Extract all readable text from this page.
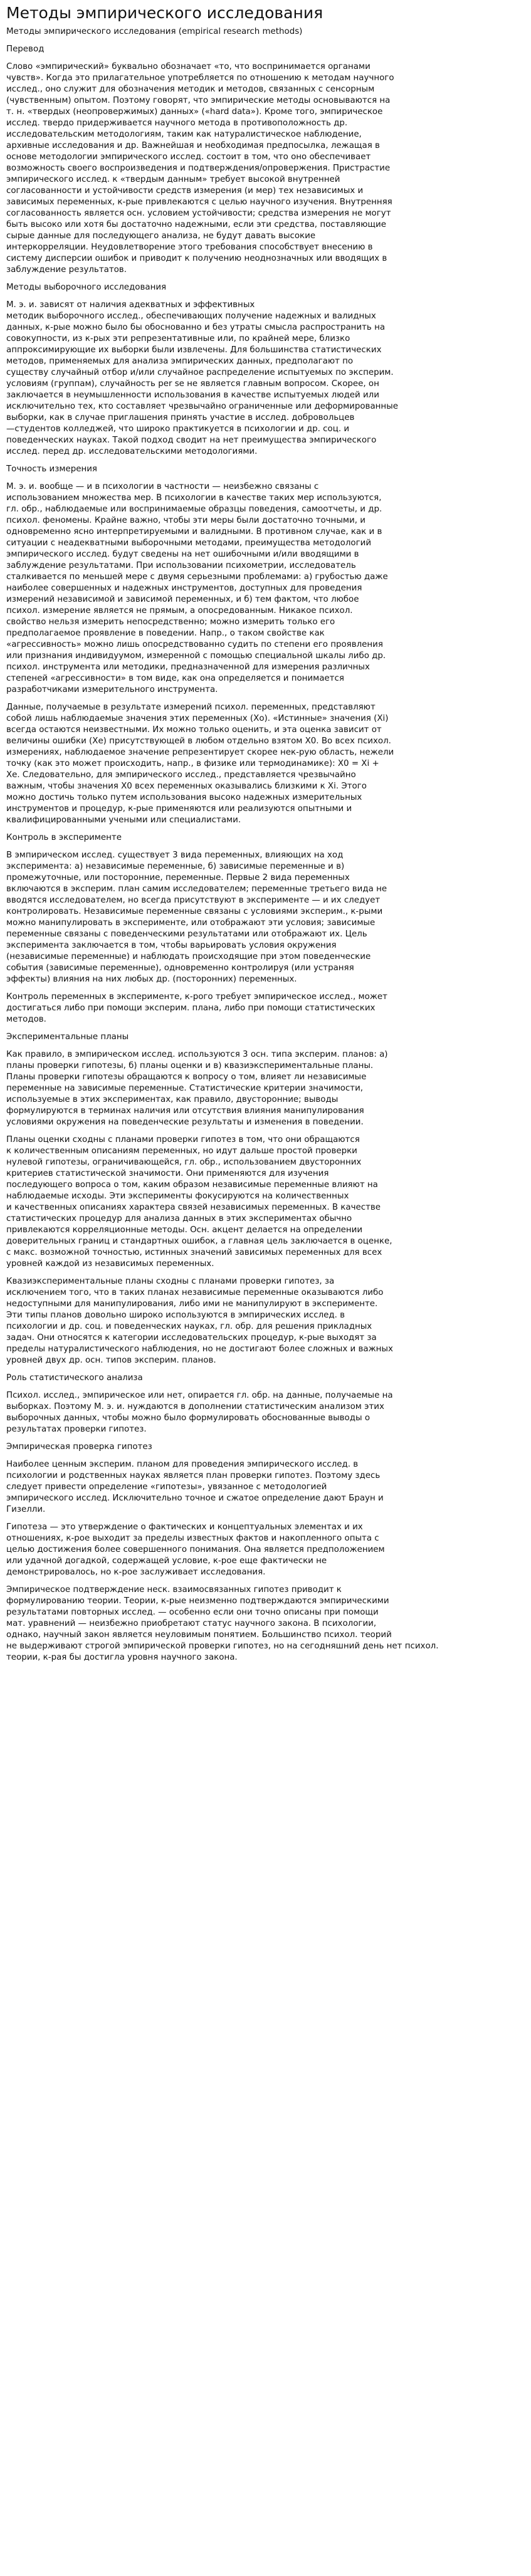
Методы эмпирического исследования
Методы эмпирического исследования (empirical research methods)
Перевод
Слово «эмпирический» буквально обозначает «то, что воспринимается органами
чувств». Когда это прилагательное употребляется по отношению к методам научного
исслед., оно служит для обозначения методик и методов, связанных с сенсорным
(чувственным) опытом. Поэтому говорят, что эмпирические методы основываются на
т. н. «твердых (неопровержимых) данных» («hard data»). Кроме того, эмпирическое
исслед. твердо придерживается научного метода в противоположность др.
исследовательским методологиям, таким как натуралистическое наблюдение,
архивные исследования и др. Важнейшая и необходимая предпосылка, лежащая в
основе методологии эмпирического исслед. состоит в том, что оно обеспечивает
возможность своего воспроизведения и подтверждения/опровержения. Пристрастие
эмпирического исслед. к «твердым данным» требует высокой внутренней
согласованности и устойчивости средств измерения (и мер) тех независимых и
зависимых переменных, к-рые привлекаются с целью научного изучения. Внутренняя
согласованность является осн. условием устойчивости; средства измерения не могут
быть высоко или хотя бы достаточно надежными, если эти средства, поставляющие
сырые данные для последующего анализа, не будут давать высокие
интеркорреляции. Неудовлетворение этого требования способствует внесению в
систему дисперсии ошибок и приводит к получению неоднозначных или вводящих в
заблуждение результатов.
Методы выборочного исследования
М. э. и. зависят от наличия адекватных и эффективных
методик выборочного исслед., обеспечивающих получение надежных и валидных
данных, к-рые можно было бы обоснованно и без утраты смысла распространить на
совокупности, из к-рых эти репрезентативные или, по крайней мере, близко
аппроксимирующие их выборки были извлечены. Для большинства статистических
методов, применяемых для анализа эмпирических данных, предполагают по
существу случайный отбор и/или случайное распределение испытуемых по эксперим.
условиям (группам), случайность per se не является главным вопросом. Скорее, он
заключается в неумышленности использования в качестве испытуемых людей или
исключительно тех, кто составляет чрезвычайно ограниченные или деформированные
выборки, как в случае приглашения принять участие в исслед. добровольцев
—студентов колледжей, что широко практикуется в психологии и др. соц. и
поведенческих науках. Такой подход сводит на нет преимущества эмпирического
исслед. перед др. исследовательскими методологиями.
Точность измерения
М. э. и. вообще — и в психологии в частности — неизбежно связаны с
использованием множества мер. В психологии в качестве таких мер используются,
гл. обр., наблюдаемые или воспринимаемые образцы поведения, самоотчеты, и др.
психол. феномены. Крайне важно, чтобы эти меры были достаточно точными, и
одновременно ясно интерпретируемыми и валидными. В противном случае, как и в
ситуации с неадекватными выборочными методами, преимущества методологий
эмпирического исслед. будут сведены на нет ошибочными и/или вводящими в
заблуждение результатами. При использовании психометрии, исследователь
сталкивается по меньшей мере с двумя серьезными проблемами: а) грубостью даже
наиболее совершенных и надежных инструментов, доступных для проведения
измерений независимой и зависимой переменных, и б) тем фактом, что любое
психол. измерение является не прямым, а опосредованным. Никакое психол.
свойство нельзя измерить непосредственно; можно измерить только его
предполагаемое проявление в поведении. Напр., о таком свойстве как
«агрессивность» можно лишь опосредствованно судить по степени его проявления
или признания индивидуумом, измеренной с помощью специальной шкалы либо др.
психол. инструмента или методики, предназначенной для измерения различных
степеней «агрессивности» в том виде, как она определяется и понимается
разработчиками измерительного инструмента.
Данные, получаемые в результате измерений психол. переменных, представляют
собой лишь наблюдаемые значения этих переменных (Хо). «Истинные» значения (Хi)
всегда остаются неизвестными. Их можно только оценить, и эта оценка зависит от
величины ошибки (Хе) присутствующей в любом отдельно взятом Х0. Во всех психол.
измерениях, наблюдаемое значение репрезентирует скорее нек-рую область, нежели
точку (как это может происходить, напр., в физике или термодинамике): Х0 = Хi +
Хе. Следовательно, для эмпирического исслед., представляется чрезвычайно
важным, чтобы значения Х0 всех переменных оказывались близкими к Хi. Этого
можно достичь только путем использования высоко надежных измерительных
инструментов и процедур, к-рые применяются или реализуются опытными и
квалифицированными учеными или специалистами.
Контроль в эксперименте
В эмпирическом исслед. существует 3 вида переменных, влияющих на ход
эксперимента: а) независимые переменные, б) зависимые переменные и в)
промежуточные, или посторонние, переменные. Первые 2 вида переменных
включаются в эксперим. план самим исследователем; переменные третьего вида не
вводятся исследователем, но всегда присутствуют в эксперименте — и их следует
контролировать. Независимые переменные связаны с условиями эксперим., к-рыми
можно манипулировать в эксперименте, или отображают эти условия; зависимые
переменные связаны с поведенческими результатами или отображают их. Цель
эксперимента заключается в том, чтобы варьировать условия окружения
(независимые переменные) и наблюдать происходящие при этом поведенческие
события (зависимые переменные), одновременно контролируя (или устраняя
эффекты) влияния на них любых др. (посторонних) переменных.
Контроль переменных в эксперименте, к-рого требует эмпирическое исслед., может
достигаться либо при помощи эксперим. плана, либо при помощи статистических
методов.
Экспериментальные планы
Как правило, в эмпирическом исслед. используются 3 осн. типа эксперим. планов: а)
планы проверки гипотезы, б) планы оценки и в) квазиэкспериментальные планы.
Планы проверки гипотезы обращаются к вопросу о том, влияет ли независимые
переменные на зависимые переменные. Статистические критерии значимости,
используемые в этих экспериментах, как правило, двусторонние; выводы
формулируются в терминах наличия или отсутствия влияния манипулирования
условиями окружения на поведенческие результаты и изменения в поведении.
Планы оценки сходны с планами проверки гипотез в том, что они обращаются
к количественным описаниям переменных, но идут дальше простой проверки
нулевой гипотезы, ограничивающейся, гл. обр., использованием двусторонних
критериев статистической значимости. Они применяются для изучения
последующего вопроса о том, каким образом независимые переменные влияют на
наблюдаемые исходы. Эти эксперименты фокусируются на количественных
и качественных описаниях характера связей независимых переменных. В качестве
статистических процедур для анализа данных в этих экспериментах обычно
привлекаются корреляционные методы. Осн. акцент делается на определении
доверительных границ и стандартных ошибок, а главная цель заключается в оценке,
с макс. возможной точностью, истинных значений зависимых переменных для всех
уровней каждой из независимых переменных.
Квазиэкспериментальные планы сходны с планами проверки гипотез, за
исключением того, что в таких планах независимые переменные оказываются либо
недоступными для манипулирования, либо ими не манипулируют в эксперименте.
Эти типы планов довольно широко используются в эмпирических исслед. в
психологии и др. соц. и поведенческих науках, гл. обр. для решения прикладных
задач. Они относятся к категории исследовательских процедур, к-рые выходят за
пределы натуралистического наблюдения, но не достигают более сложных и важных
уровней двух др. осн. типов эксперим. планов.
Роль статистического анализа
Психол. исслед., эмпирическое или нет, опирается гл. обр. на данные, получаемые на
выборках. Поэтому М. э. и. нуждаются в дополнении статистическим анализом этих
выборочных данных, чтобы можно было формулировать обоснованные выводы о
результатах проверки гипотез.
Эмпирическая проверка гипотез
Наиболее ценным эксперим. планом для проведения эмпирического исслед. в
психологии и родственных науках является план проверки гипотез. Поэтому здесь
следует привести определение «гипотезы», увязанное с методологией
эмпирического исслед. Исключительно точное и сжатое определение дают Браун и
Гизелли.
Гипотеза — это утверждение о фактических и концептуальных элементах и их
отношениях, к-рое выходит за пределы известных фактов и накопленного опыта с
целью достижения более совершенного понимания. Она является предположением
или удачной догадкой, содержащей условие, к-рое еще фактически не
демонстрировалось, но к-рое заслуживает исследования.
Эмпирическое подтверждение неск. взаимосвязанных гипотез приводит к
формулированию теории. Теории, к-рые неизменно подтверждаются эмпирическими
результатами повторных исслед. — особенно если они точно описаны при помощи
мат. уравнений — неизбежно приобретают статус научного закона. В психологии,
однако, научный закон является неуловимым понятием. Большинство психол. теорий
не выдерживают строгой эмпирической проверки гипотез, но на сегодняшний день нет психол.
теории, к-рая бы достигла уровня научного закона.
